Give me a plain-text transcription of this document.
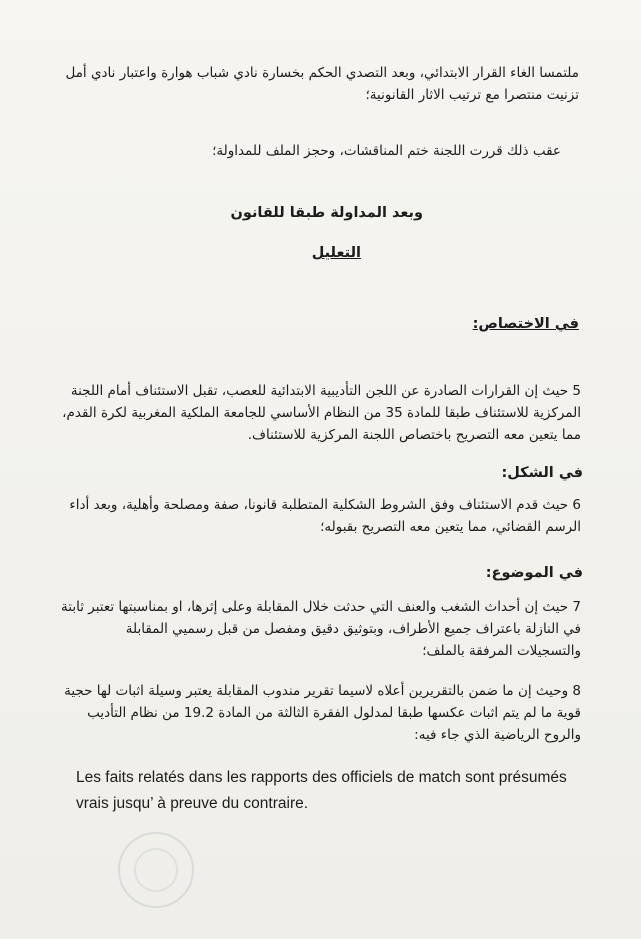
ملتمسا الغاء القرار الابتدائي، وبعد التصدي الحكم بخسارة نادي شباب هوارة واعتبار نادي أمل تزنيت منتصرا مع ترتيب الاثار القانونية؛
عقب ذلك قررت اللجنة ختم المناقشات، وحجز الملف للمداولة؛
وبعد المداولة طبقا للقانون
التعليل
في الاختصاص:
5 حيث إن القرارات الصادرة عن اللجن التأديبية الابتدائية للعصب، تقبل الاستئناف أمام اللجنة المركزية للاستئناف طبقا للمادة 35 من النظام الأساسي للجامعة الملكية المغربية لكرة القدم، مما يتعين معه التصريح باختصاص اللجنة المركزية للاستئناف.
في الشكل:
6 حيث قدم الاستئناف وفق الشروط الشكلية المتطلبة قانونا، صفة ومصلحة وأهلية، وبعد أداء الرسم القضائي، مما يتعين معه التصريح بقبوله؛
في الموضوع:
7 حيث إن أحداث الشغب والعنف التي حدثت خلال المقابلة وعلى إثرها، او بمناسبتها تعتبر ثابتة في النازلة باعتراف جميع الأطراف، وبتوثيق دقيق ومفصل من قبل رسميي المقابلة والتسجيلات المرفقة بالملف؛
8 وحيث إن ما ضمن بالتقريرين أعلاه لاسيما تقرير مندوب المقابلة يعتبر وسيلة اثبات لها حجية قوية ما لم يتم اثبات عكسها طبقا لمدلول الفقرة الثالثة من المادة 19.2 من نظام التأديب والروح الرياضية الذي جاء فيه:
Les faits relatés dans les rapports des officiels de match sont présumés vrais jusqu’ à preuve du contraire.
